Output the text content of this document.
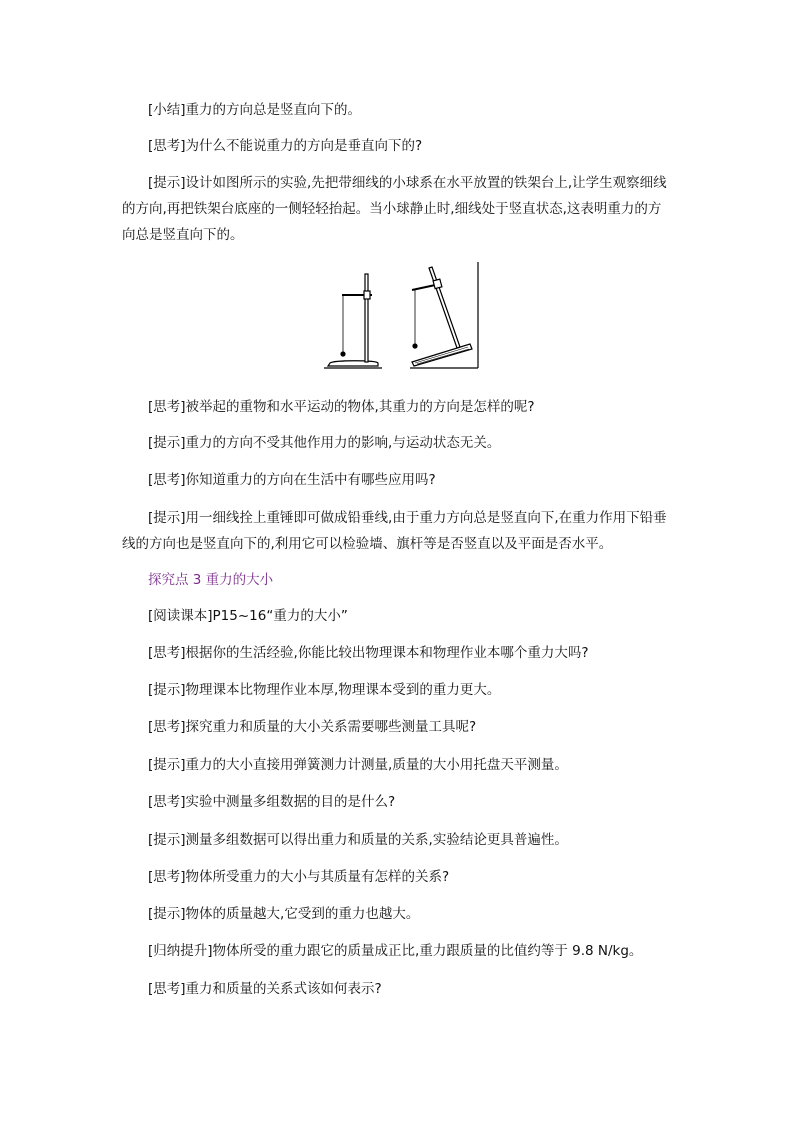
[小结]重力的方向总是竖直向下的。
[思考]为什么不能说重力的方向是垂直向下的?
[提示]设计如图所示的实验,先把带细线的小球系在水平放置的铁架台上,让学生观察细线的方向,再把铁架台底座的一侧轻轻抬起。当小球静止时,细线处于竖直状态,这表明重力的方向总是竖直向下的。
[思考]被举起的重物和水平运动的物体,其重力的方向是怎样的呢?
[提示]重力的方向不受其他作用力的影响,与运动状态无关。
[思考]你知道重力的方向在生活中有哪些应用吗?
[提示]用一细线拴上重锤即可做成铅垂线,由于重力方向总是竖直向下,在重力作用下铅垂线的方向也是竖直向下的,利用它可以检验墙、旗杆等是否竖直以及平面是否水平。
探究点 3 重力的大小
[阅读课本]P15~16“重力的大小”
[思考]根据你的生活经验,你能比较出物理课本和物理作业本哪个重力大吗?
[提示]物理课本比物理作业本厚,物理课本受到的重力更大。
[思考]探究重力和质量的大小关系需要哪些测量工具呢?
[提示]重力的大小直接用弹簧测力计测量,质量的大小用托盘天平测量。
[思考]实验中测量多组数据的目的是什么?
[提示]测量多组数据可以得出重力和质量的关系,实验结论更具普遍性。
[思考]物体所受重力的大小与其质量有怎样的关系?
[提示]物体的质量越大,它受到的重力也越大。
[归纳提升]物体所受的重力跟它的质量成正比,重力跟质量的比值约等于 9.8 N/kg。
[思考]重力和质量的关系式该如何表示?
